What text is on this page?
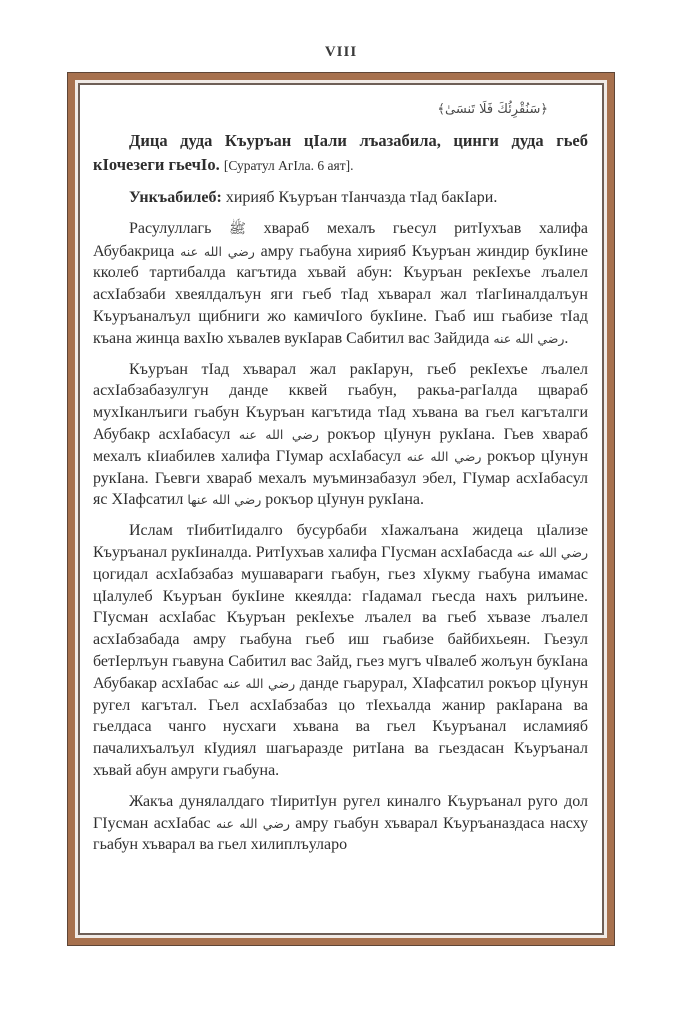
VIII
﴿سَنُقْرِئُكَ فَلَا تَنسَىٰ﴾

Дица дуда Къуръан цIали лъазабила, цинги дуда гьеб кIочезеги гьечIо. [Суратул АгIла. 6 аят].

Ункъабилеб: хирияб Къуръан тIанчазда тIад бакIари.

Расулуллагь ﷺ хвараб мехалъ гьесул ритIухъав халифа Абубакрица رضي الله عنه амру гьабуна хирияб Къуръан жиндир букIине кколеб тартибалда кагътида хъвай абун: Къуръан рекIехъе лъалел асхIабзаби хвеялдалъун яги гьеб тIад хъварал жал тIагIиналдалъун Къуръаналъул щибниги жо камичIого букIине. Гьаб иш гьабизе тIад къана жинца вахIю хъвалев вукIарав Сабитил вас Зайдида رضي الله عنه.

Къуръан тIад хъварал жал ракIарун, гьеб рекIехъе лъалел асхIабзабазулгун данде кквей гьабун, ракьа-рагIалда щвараб мухIканлъиги гьабун Къуръан кагътида тIад хъвана ва гьел кагъталги Абубакр асхIабасул رضي الله عنه рокъор цIунун рукIана. Гьев хвараб мехалъ кIиабилев халифа ГIумар асхIабасул رضي الله عنه рокъор цIунун рукIана. Гьевги хвараб мехалъ муъминзабазул эбел, ГIумар асхIабасул яс ХIафсатил رضي الله عنها рокъор цIунун рукIана.

Ислам тIибитIидалго бусурбаби хIажалъана жидеца цIализе Къуръанал рукIиналда. РитIухъав халифа ГIусман асхIабасда رضي الله عنه цогидал асхIабзабаз мушавараги гьабун, гьез хIукму гьабуна имамас цIалулеб Къуръан букIине ккеялда: гIадамал гьесда нахъ рилъине. ГIусман асхIабас Къуръан рекIехъе лъалел ва гьеб хъвазе лъалел асхIабзабада амру гьабуна гьеб иш гьабизе байбихьеян. Гьезул бетIерлъун гьавуна Сабитил вас Зайд, гьез мугъ чIвалеб жолъун букIана Абубакар асхIабас رضي الله عنه данде гьарурал, ХIафсатил рокъор цIунун ругел кагътал. Гьел асхIабзабаз цо тIехьалда жанир ракIарана ва гьелдаса чанго нусхаги хъвана ва гьел Къуръанал исламияб пачалихъалъул кIудиял шагьаразде ритIана ва гьездасан Къуръанал хъвай абун амруги гьабуна.

Жакъа дунялалдаго тIиритIун ругел киналго Къуръанал руго дол ГIусман асхIабас رضي الله عنه амру гьабун хъварал Къуръаназдаса насху гьабун хъварал ва гьел хилиплъуларо
